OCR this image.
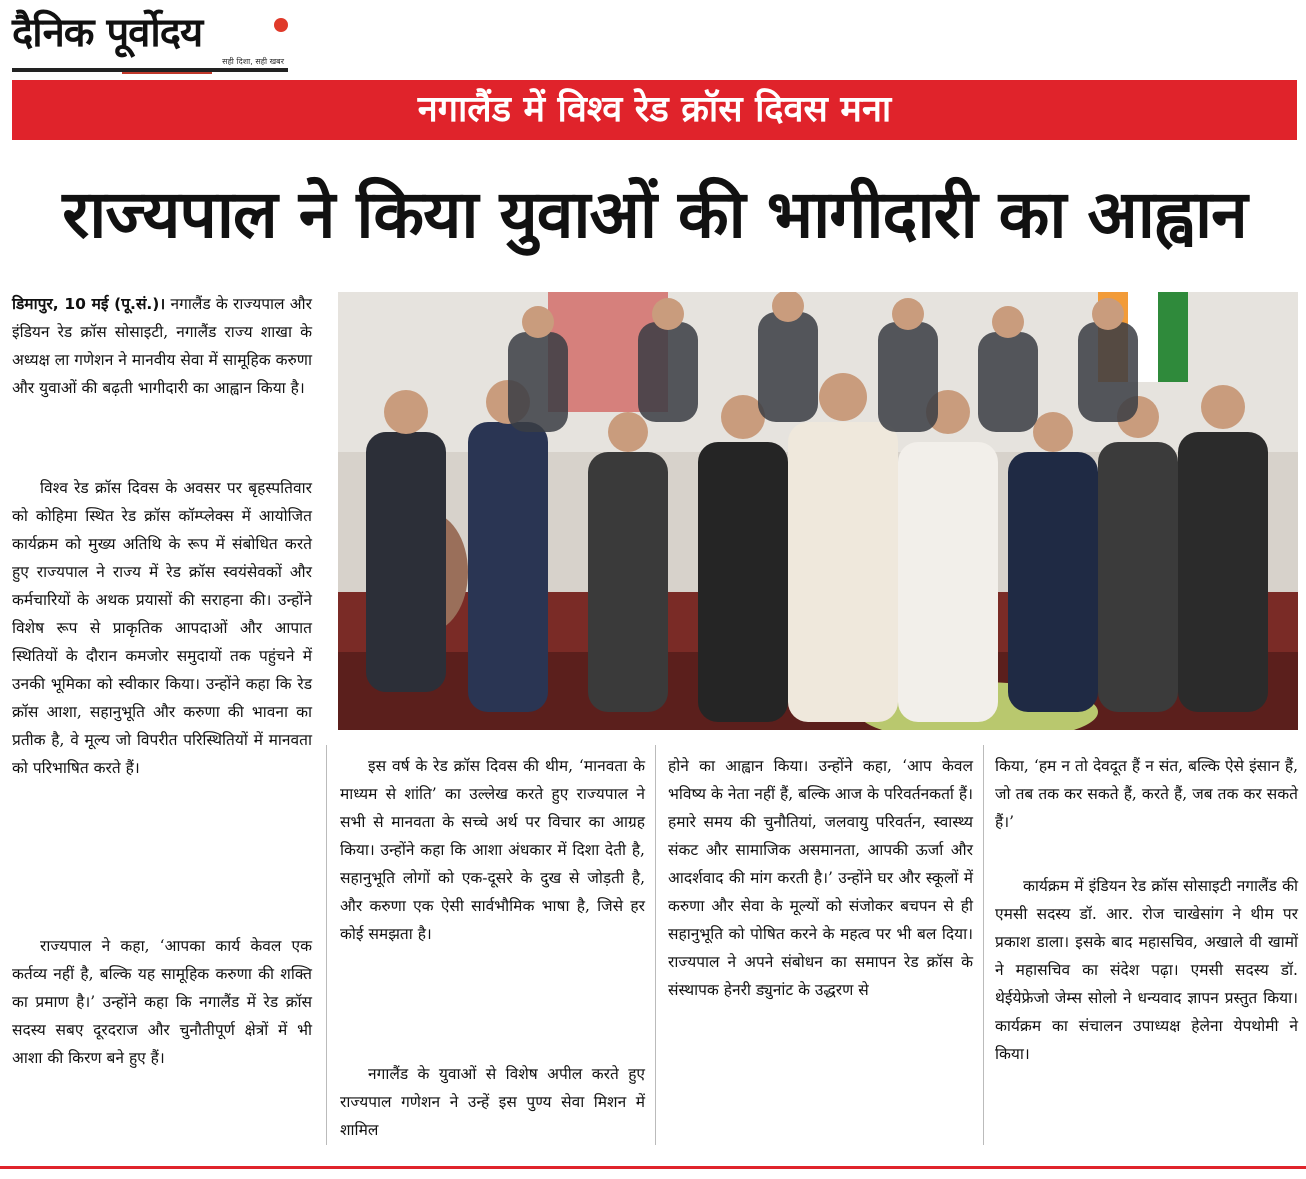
दैनिक पूर्वोदय
सही दिशा, सही खबर
नगालैंड में विश्व रेड क्रॉस दिवस मना
राज्यपाल ने किया युवाओं की भागीदारी का आह्वान
डिमापुर, 10 मई (पू.सं.)। नगालैंड के राज्यपाल और इंडियन रेड क्रॉस सोसाइटी, नगालैंड राज्य शाखा के अध्यक्ष ला गणेशन ने मानवीय सेवा में सामूहिक करुणा और युवाओं की बढ़ती भागीदारी का आह्वान किया है।
विश्व रेड क्रॉस दिवस के अवसर पर बृहस्पतिवार को कोहिमा स्थित रेड क्रॉस कॉम्प्लेक्स में आयोजित कार्यक्रम को मुख्य अतिथि के रूप में संबोधित करते हुए राज्यपाल ने राज्य में रेड क्रॉस स्वयंसेवकों और कर्मचारियों के अथक प्रयासों की सराहना की। उन्होंने विशेष रूप से प्राकृतिक आपदाओं और आपात स्थितियों के दौरान कमजोर समुदायों तक पहुंचने में उनकी भूमिका को स्वीकार किया। उन्होंने कहा कि रेड क्रॉस आशा, सहानुभूति और करुणा की भावना का प्रतीक है, वे मूल्य जो विपरीत परिस्थितियों में मानवता को परिभाषित करते हैं।
राज्यपाल ने कहा, ‘आपका कार्य केवल एक कर्तव्य नहीं है, बल्कि यह सामूहिक करुणा की शक्ति का प्रमाण है।’ उन्होंने कहा कि नगालैंड में रेड क्रॉस सदस्य सबए दूरदराज और चुनौतीपूर्ण क्षेत्रों में भी आशा की किरण बने हुए हैं।
इस वर्ष के रेड क्रॉस दिवस की थीम, ‘मानवता के माध्यम से शांति’ का उल्लेख करते हुए राज्यपाल ने सभी से मानवता के सच्चे अर्थ पर विचार का आग्रह किया। उन्होंने कहा कि आशा अंधकार में दिशा देती है, सहानुभूति लोगों को एक-दूसरे के दुख से जोड़ती है, और करुणा एक ऐसी सार्वभौमिक भाषा है, जिसे हर कोई समझता है।
नगालैंड के युवाओं से विशेष अपील करते हुए राज्यपाल गणेशन ने उन्हें इस पुण्य सेवा मिशन में शामिल
होने का आह्वान किया। उन्होंने कहा, ‘आप केवल भविष्य के नेता नहीं हैं, बल्कि आज के परिवर्तनकर्ता हैं। हमारे समय की चुनौतियां, जलवायु परिवर्तन, स्वास्थ्य संकट और सामाजिक असमानता, आपकी ऊर्जा और आदर्शवाद की मांग करती है।’ उन्होंने घर और स्कूलों में करुणा और सेवा के मूल्यों को संजोकर बचपन से ही सहानुभूति को पोषित करने के महत्व पर भी बल दिया। राज्यपाल ने अपने संबोधन का समापन रेड क्रॉस के संस्थापक हेनरी ड्युनांट के उद्धरण से
किया, ‘हम न तो देवदूत हैं न संत, बल्कि ऐसे इंसान हैं, जो तब तक कर सकते हैं, करते हैं, जब तक कर सकते हैं।’
कार्यक्रम में इंडियन रेड क्रॉस सोसाइटी नगालैंड की एमसी सदस्य डॉ. आर. रोज चाखेसांग ने थीम पर प्रकाश डाला। इसके बाद महासचिव, अखाले वी खामों ने महासचिव का संदेश पढ़ा। एमसी सदस्य डॉ. थेईयेफ्रेजो जेम्स सोलो ने धन्यवाद ज्ञापन प्रस्तुत किया। कार्यक्रम का संचालन उपाध्यक्ष हेलेना येपथोमी ने किया।
